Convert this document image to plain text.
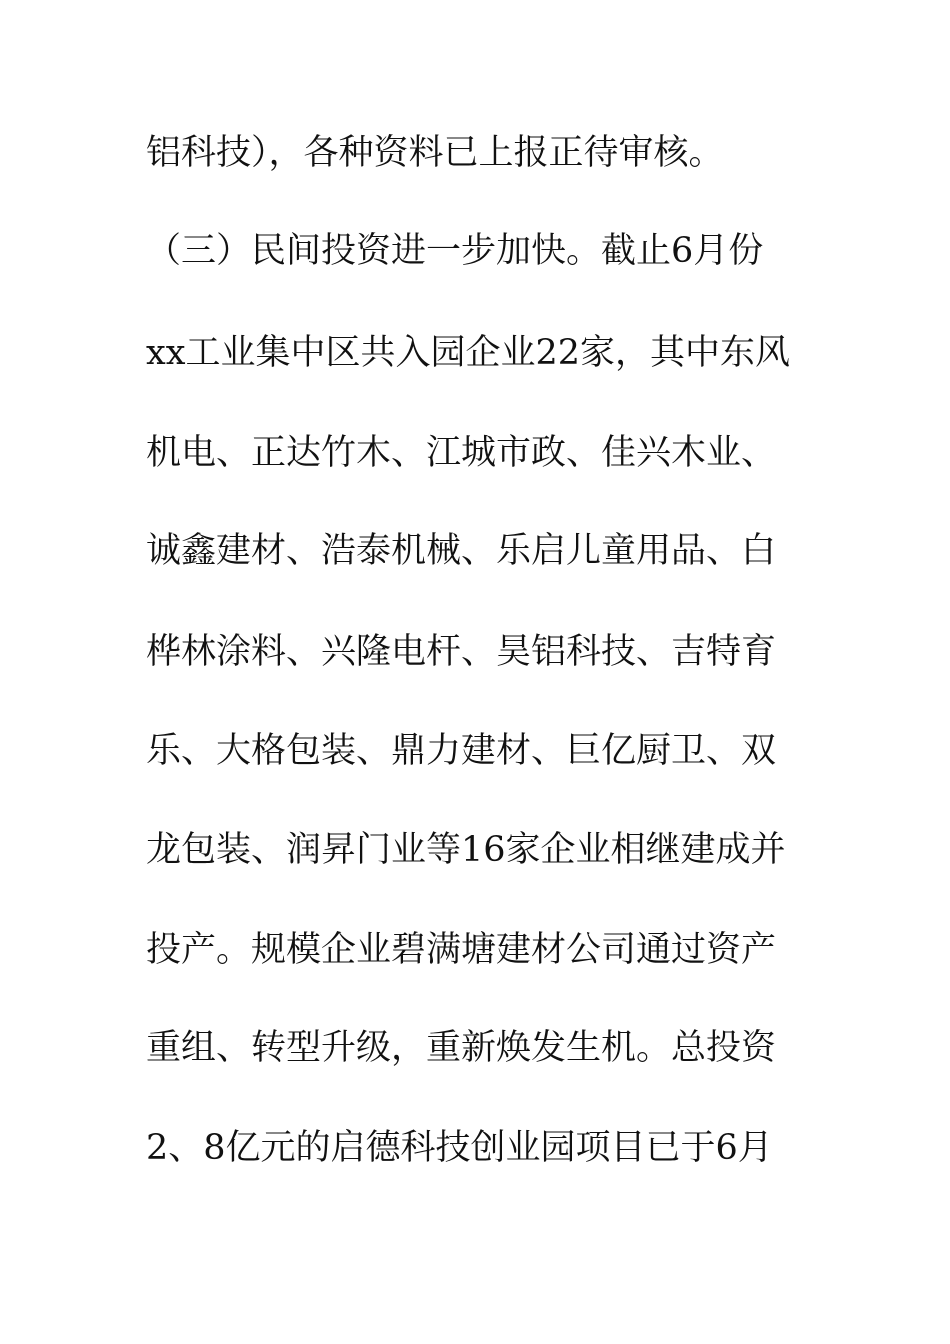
铝科技），各种资料已上报正待审核。
（三）民间投资进一步加快。截止6月份
xx工业集中区共入园企业22家，其中东风
机电、正达竹木、江城市政、佳兴木业、
诚鑫建材、浩泰机械、乐启儿童用品、白
桦林涂料、兴隆电杆、昊铝科技、吉特育
乐、大格包装、鼎力建材、巨亿厨卫、双
龙包装、润昇门业等16家企业相继建成并
投产。规模企业碧满塘建材公司通过资产
重组、转型升级，重新焕发生机。总投资
2、8亿元的启德科技创业园项目已于6月
